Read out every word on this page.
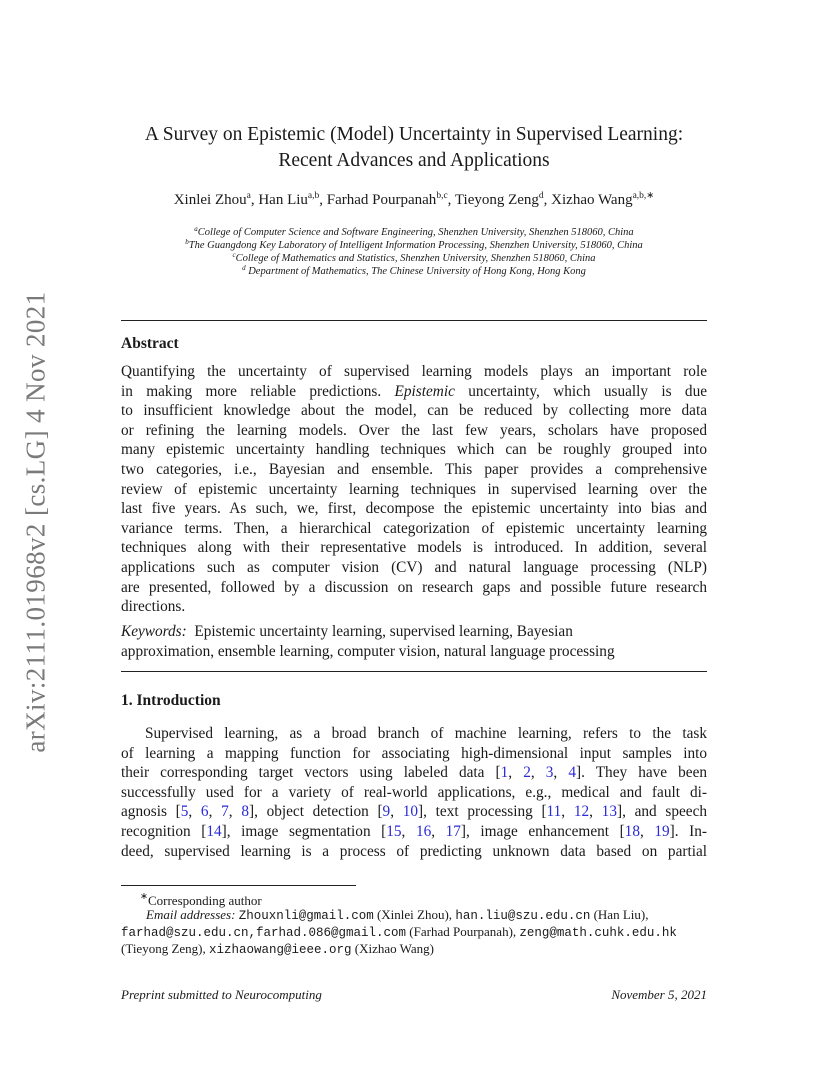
arXiv:2111.01968v2 [cs.LG] 4 Nov 2021
A Survey on Epistemic (Model) Uncertainty in Supervised Learning:
Recent Advances and Applications
Xinlei Zhou$^a$, Han Liu$^{a,b}$, Farhad Pourpanah$^{b,c}$, Tieyong Zeng$^d$, Xizhao Wang$^{a,b,∗}$
$^a$College of Computer Science and Software Engineering, Shenzhen University, Shenzhen 518060, China
$^b$The Guangdong Key Laboratory of Intelligent Information Processing, Shenzhen University, 518060, China
$^c$College of Mathematics and Statistics, Shenzhen University, Shenzhen 518060, China
$^d$ Department of Mathematics, The Chinese University of Hong Kong, Hong Kong
Abstract
Quantifying the uncertainty of supervised learning models plays an important role
in making more reliable predictions. Epistemic uncertainty, which usually is due
to insufficient knowledge about the model, can be reduced by collecting more data
or refining the learning models. Over the last few years, scholars have proposed
many epistemic uncertainty handling techniques which can be roughly grouped into
two categories, i.e., Bayesian and ensemble. This paper provides a comprehensive
review of epistemic uncertainty learning techniques in supervised learning over the
last five years. As such, we, first, decompose the epistemic uncertainty into bias and
variance terms. Then, a hierarchical categorization of epistemic uncertainty learning
techniques along with their representative models is introduced. In addition, several
applications such as computer vision (CV) and natural language processing (NLP)
are presented, followed by a discussion on research gaps and possible future research
directions.
Keywords: Epistemic uncertainty learning, supervised learning, Bayesian
approximation, ensemble learning, computer vision, natural language processing
1. Introduction
Supervised learning, as a broad branch of machine learning, refers to the task
of learning a mapping function for associating high-dimensional input samples into
their corresponding target vectors using labeled data [1, 2, 3, 4]. They have been
successfully used for a variety of real-world applications, e.g., medical and fault di-
agnosis [5, 6, 7, 8], object detection [9, 10], text processing [11, 12, 13], and speech
recognition [14], image segmentation [15, 16, 17], image enhancement [18, 19]. In-
deed, supervised learning is a process of predicting unknown data based on partial
∗Corresponding author
Email addresses: Zhouxnli@gmail.com (Xinlei Zhou), han.liu@szu.edu.cn (Han Liu),
farhad@szu.edu.cn,farhad.086@gmail.com (Farhad Pourpanah), zeng@math.cuhk.edu.hk
(Tieyong Zeng), xizhaowang@ieee.org (Xizhao Wang)
Preprint submitted to Neurocomputing	November 5, 2021
